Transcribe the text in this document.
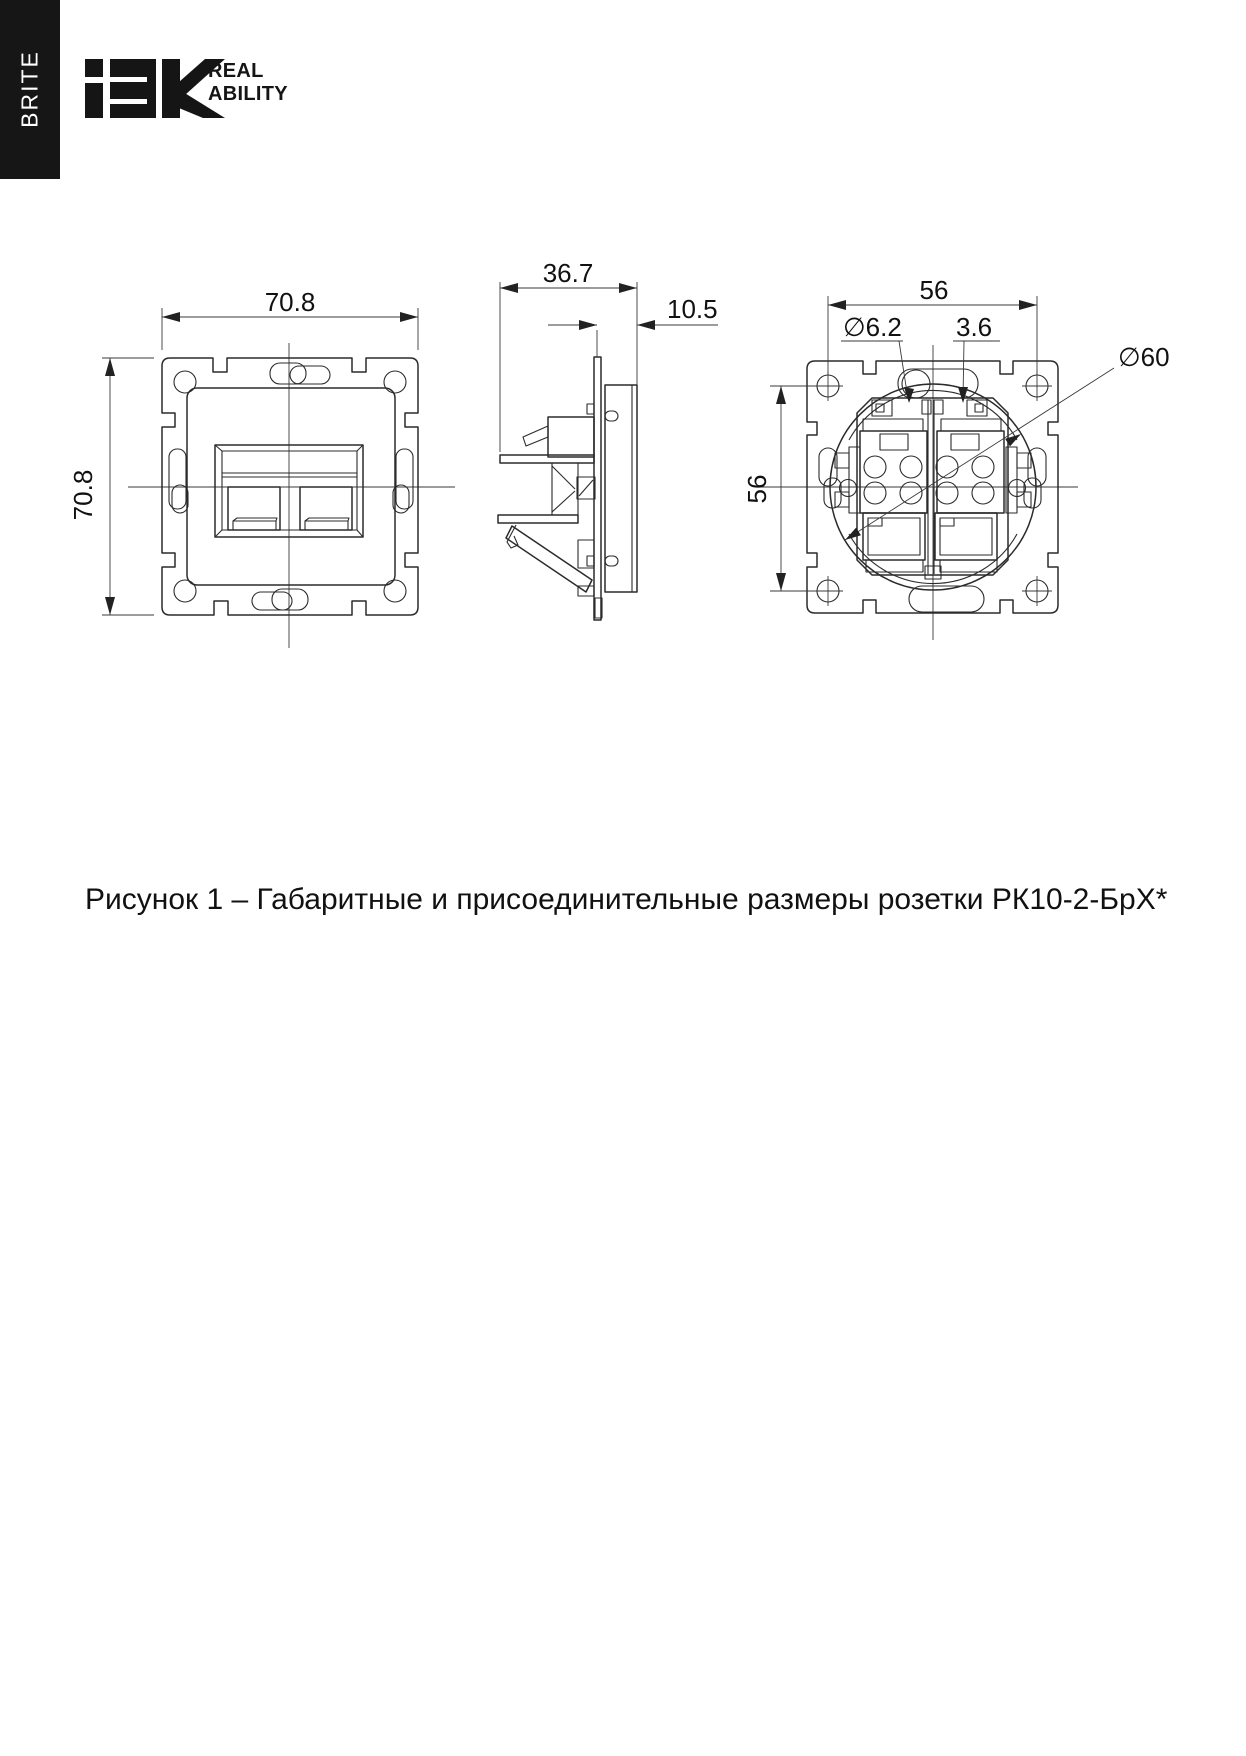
BRITE	REAL
ABILITY
70.8
70.8
36.7
10.5
56
56
∅6.2 3.6
∅60
Рисунок 1 – Габаритные и присоединительные размеры розетки РК10-2-БрХ*
